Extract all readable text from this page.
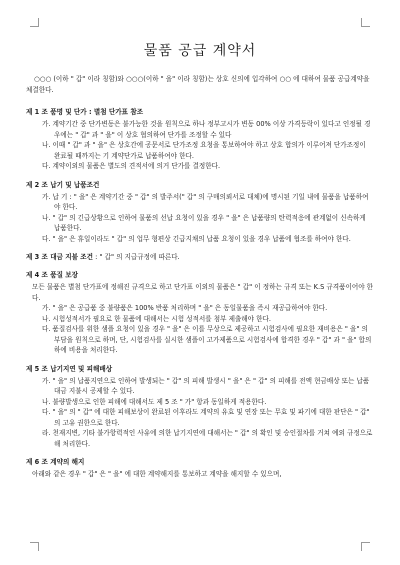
물품 공급 계약서

○○○ (이하 " 갑" 이라 칭함)와 ○○○(이하 " 을" 이라 칭함)는 상호 신의에 입각하여 ○○ 에 대하여 물품 공급계약을 체결한다.

제 1 조 품명 및 단가 : 별첨 단가표 참조

가. 계약기간 중 단가변동은 불가능한 것을 원칙으로 하나 정부고시가 변동 00% 이상 가격등락이 있다고 인정될 경우에는 " 갑" 과 " 을" 이 상호 협의하여 단가를 조정할 수 있다

나. 이때 " 갑" 과 " 을" 은 상호간에 공문서로 단가조정 요청을 통보하여야 하고 상호 합의가 이루어져 단가조정이 완료될 때까지는 기 계약단가로 납품하여야 한다.

다. 계약이외의 물품은 별도의 견적서에 의거 단가를 결정한다.

제 2 조 납기 및 납품조건

가. 납 기 : " 을" 은 계약기간 중 " 갑" 의 발주서(" 갑" 의 구매의뢰서로 대체)에 명시된 기일 내에 물품을 납품하여야 한다.

나. " 갑" 의 긴급상황으로 인하여 물품의 선납 요청이 있을 경우 " 을" 은 납품량의 탄력적응에 관계없이 신속하게 납품한다.

다. " 을" 은 휴일이라도 " 갑" 의 업무 형편상 긴급지채의 납품 요청이 있을 경우 납품에 협조를 하여야 한다.

제 3 조 대금 지불 조건 : " 갑" 의 지급규정에 따른다.

제 4 조 품질 보장

모든 물품은 별첨 단가표에 정해진 규격으로 하고 단가표 이외의 물품은 " 갑" 이 정하는 규격 또는 K.S 규격품이어야 한다.

가. " 을" 은 공급품 중 불량품은 100% 반품 처리하며 " 을" 은 동일물품을 즉시 재공급하여야 한다.

나. 시험성적서가 필요로 한 물품에 대해서는 시험 성적서를 첨부 제출해야 한다.

다. 품질검사를 위한 샘플 요청이 있을 경우 " 을" 은 이를 무상으로 제공하고 시험검사에 필요한 재비용은 " 을" 의 부담을 원칙으로 하며, 단, 시험검사를 실시한 샘플이 고가제품으로 시험검사에 합격한 경우 " 갑" 과 " 을" 합의 하에 비용을 처리한다.

제 5 조 납기지연 및 피해배상

가. " 을" 의 납품지연으로 인하여 발생되는 " 갑" 의 피해 발생시 " 을" 은 " 갑" 의 피해를 전액 현금배상 또는 납품대금 지불시 공제할 수 있다.

나. 불량발생으로 인한 피해에 대해서도 제 5 조 " 가" 항과 동일하게 적용한다.

다. " 을" 의 " 갑" 에 대한 피해보상이 완료된 이후라도 계약의 유효 및 연장 또는 무효 및 파기에 대한 판단은 " 갑" 의 고유 권한으로 한다.

라. 천재지변, 기타 불가항력적인 사유에 의한 납기지연에 대해서는 " 갑" 의 확인 및 승인절차를 거쳐 예외 규정으로 해 처리한다.

제 6 조 계약의 해지

아래와 같은 경우 " 갑" 은 " 을" 에 대한 계약해지를 통보하고 계약을 해지할 수 있으며,
